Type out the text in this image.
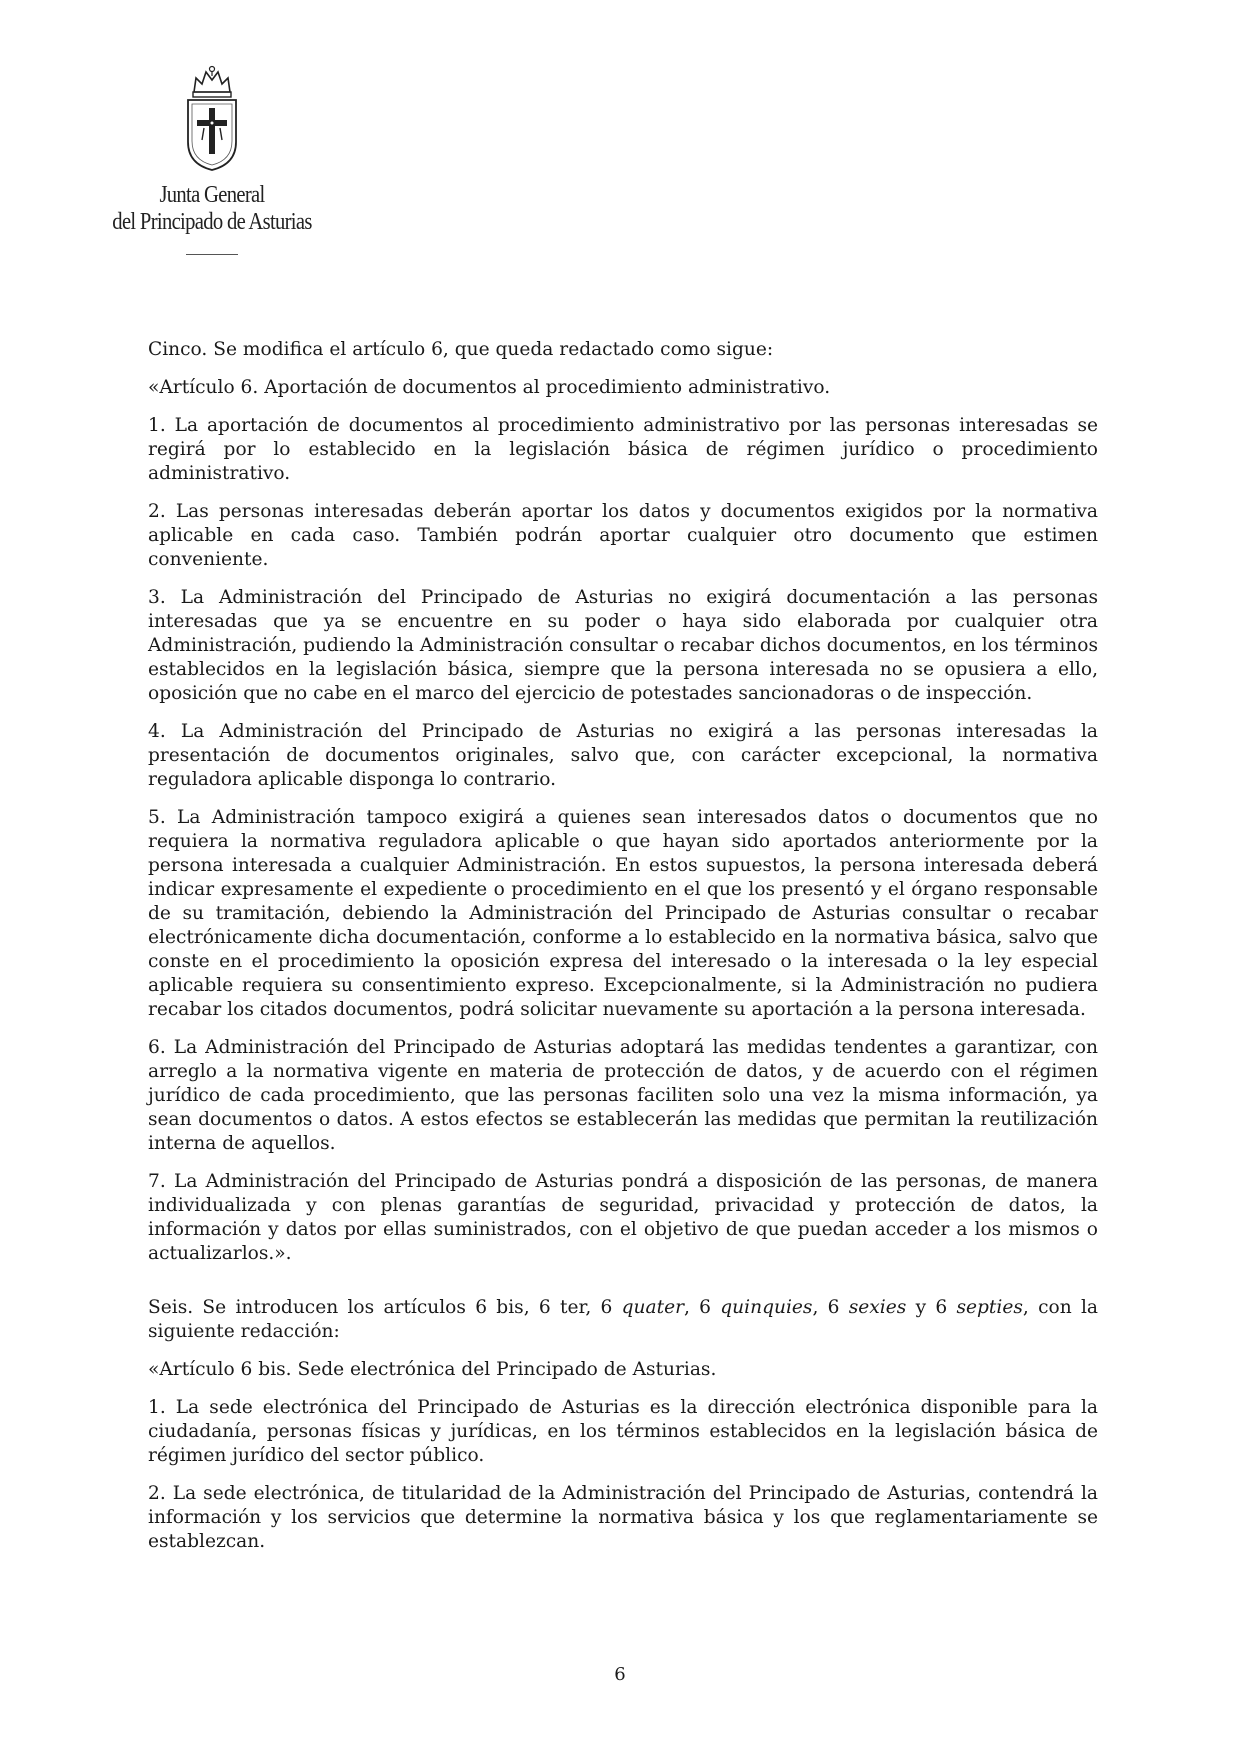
Junta General
del Principado de Asturias

Cinco. Se modifica el artículo 6, que queda redactado como sigue:

«Artículo 6. Aportación de documentos al procedimiento administrativo.

1. La aportación de documentos al procedimiento administrativo por las personas interesadas se regirá por lo establecido en la legislación básica de régimen jurídico o procedimiento administrativo.

2. Las personas interesadas deberán aportar los datos y documentos exigidos por la normativa aplicable en cada caso. También podrán aportar cualquier otro documento que estimen conveniente.

3. La Administración del Principado de Asturias no exigirá documentación a las personas interesadas que ya se encuentre en su poder o haya sido elaborada por cualquier otra Administración, pudiendo la Administración consultar o recabar dichos documentos, en los términos establecidos en la legislación básica, siempre que la persona interesada no se opusiera a ello, oposición que no cabe en el marco del ejercicio de potestades sancionadoras o de inspección.

4. La Administración del Principado de Asturias no exigirá a las personas interesadas la presentación de documentos originales, salvo que, con carácter excepcional, la normativa reguladora aplicable disponga lo contrario.

5. La Administración tampoco exigirá a quienes sean interesados datos o documentos que no requiera la normativa reguladora aplicable o que hayan sido aportados anteriormente por la persona interesada a cualquier Administración. En estos supuestos, la persona interesada deberá indicar expresamente el expediente o procedimiento en el que los presentó y el órgano responsable de su tramitación, debiendo la Administración del Principado de Asturias consultar o recabar electrónicamente dicha documentación, conforme a lo establecido en la normativa básica, salvo que conste en el procedimiento la oposición expresa del interesado o la interesada o la ley especial aplicable requiera su consentimiento expreso. Excepcionalmente, si la Administración no pudiera recabar los citados documentos, podrá solicitar nuevamente su aportación a la persona interesada.

6. La Administración del Principado de Asturias adoptará las medidas tendentes a garantizar, con arreglo a la normativa vigente en materia de protección de datos, y de acuerdo con el régimen jurídico de cada procedimiento, que las personas faciliten solo una vez la misma información, ya sean documentos o datos. A estos efectos se establecerán las medidas que permitan la reutilización interna de aquellos.

7. La Administración del Principado de Asturias pondrá a disposición de las personas, de manera individualizada y con plenas garantías de seguridad, privacidad y protección de datos, la información y datos por ellas suministrados, con el objetivo de que puedan acceder a los mismos o actualizarlos.».

Seis. Se introducen los artículos 6 bis, 6 ter, 6 quater, 6 quinquies, 6 sexies y 6 septies, con la siguiente redacción:

«Artículo 6 bis. Sede electrónica del Principado de Asturias.

1. La sede electrónica del Principado de Asturias es la dirección electrónica disponible para la ciudadanía, personas físicas y jurídicas, en los términos establecidos en la legislación básica de régimen jurídico del sector público.

2. La sede electrónica, de titularidad de la Administración del Principado de Asturias, contendrá la información y los servicios que determine la normativa básica y los que reglamentariamente se establezcan.

6
